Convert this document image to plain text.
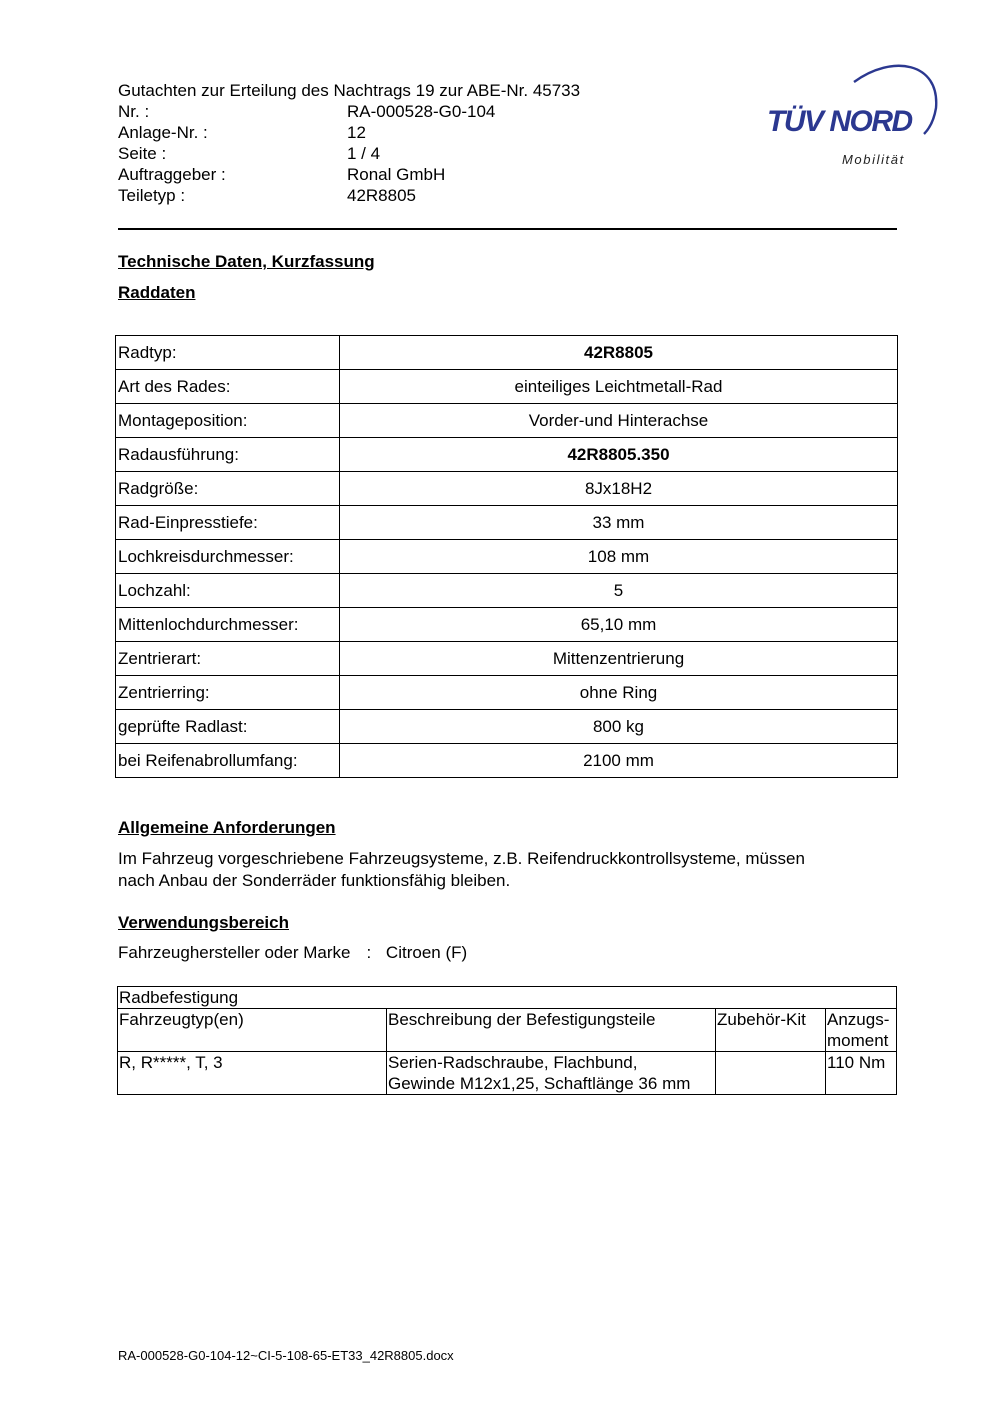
Gutachten zur Erteilung des Nachtrags 19 zur ABE-Nr. 45733
Nr. :	RA-000528-G0-104
Anlage-Nr. :	12
Seite :	1 / 4
Auftraggeber :	Ronal GmbH
Teiletyp :	42R8805
TÜV NORD
Mobilität
Technische Daten, Kurzfassung
Raddaten
Radtyp:	42R8805
Art des Rades:	einteiliges Leichtmetall-Rad
Montageposition:	Vorder-und Hinterachse
Radausführung:	42R8805.350
Radgröße:	8Jx18H2
Rad-Einpresstiefe:	33 mm
Lochkreisdurchmesser:	108 mm
Lochzahl:	5
Mittenlochdurchmesser:	65,10 mm
Zentrierart:	Mittenzentrierung
Zentrierring:	ohne Ring
geprüfte Radlast:	800 kg
bei Reifenabrollumfang:	2100 mm
Allgemeine Anforderungen
Im Fahrzeug vorgeschriebene Fahrzeugsysteme, z.B. Reifendruckkontrollsysteme, müssen
nach Anbau der Sonderräder funktionsfähig bleiben.
Verwendungsbereich
Fahrzeughersteller oder Marke : Citroen (F)
Radbefestigung			
Fahrzeugtyp(en)	Beschreibung der Befestigungsteile	Zubehör-Kit	Anzugs-
moment

R, R*****, T, 3	Serien-Radschraube, Flachbund,
Gewinde M12x1,25, Schaftlänge 36 mm		110 Nm
RA-000528-G0-104-12~CI-5-108-65-ET33_42R8805.docx
